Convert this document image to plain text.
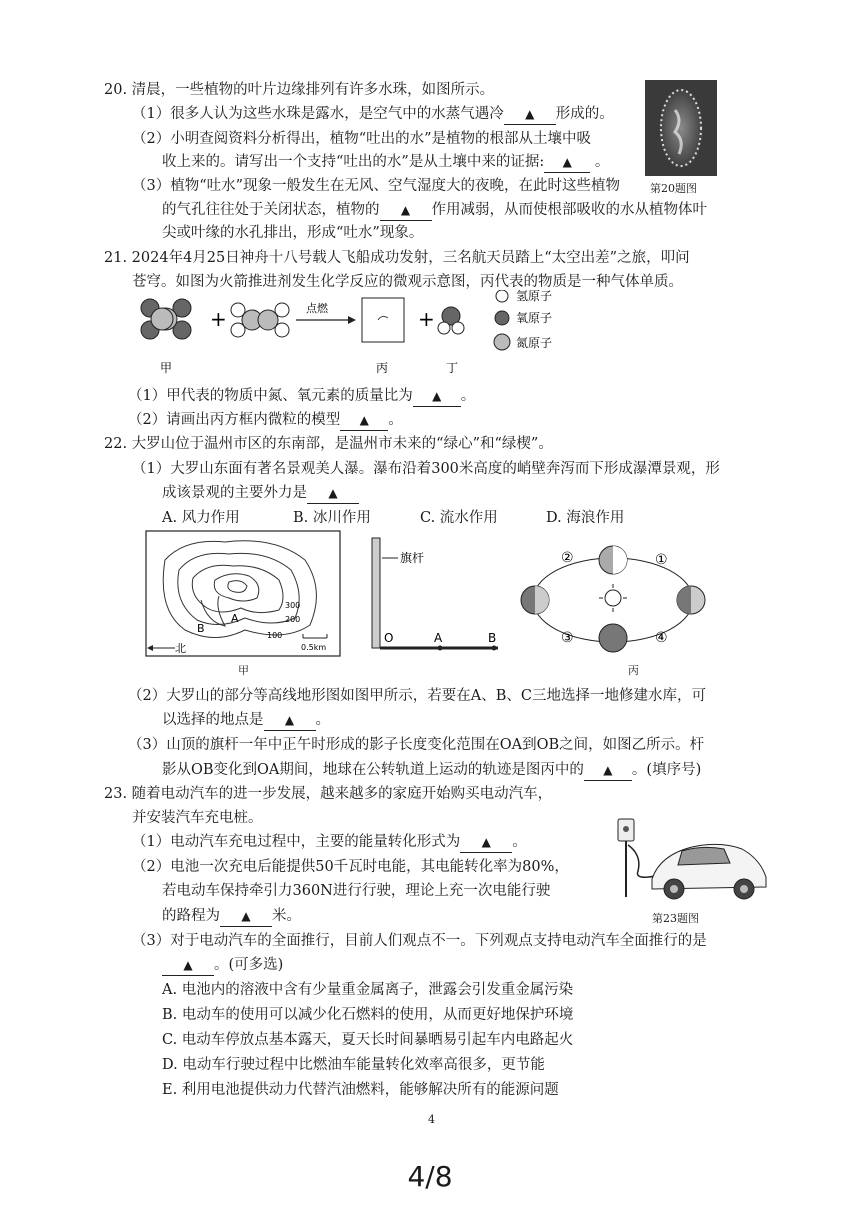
20. 清晨，一些植物的叶片边缘排列有许多水珠，如图所示。
（1）很多人认为这些水珠是露水，是空气中的水蒸气遇冷 ▲ 形成的。
（2）小明查阅资料分析得出，植物“吐出的水”是植物的根部从土壤中吸
收上来的。请写出一个支持“吐出的水”是从土壤中来的证据: ▲ 。
（3）植物“吐水”现象一般发生在无风、空气湿度大的夜晚，在此时这些植物
的气孔往往处于关闭状态，植物的 ▲ 作用减弱，从而使根部吸收的水从植物体叶
尖或叶缘的水孔排出，形成“吐水”现象。
第20题图
21. 2024年4月25日神舟十八号载人飞船成功发射，三名航天员踏上“太空出差”之旅，叩问
苍穹。如图为火箭推进剂发生化学反应的微观示意图，丙代表的物质是一种气体单质。
+	点燃	+
甲	丙	丁
氢原子
氧原子
氮原子
（1）甲代表的物质中氮、氧元素的质量比为 ▲ 。
（2）请画出丙方框内微粒的模型 ▲ 。
22. 大罗山位于温州市区的东南部，是温州市未来的“绿心”和“绿楔”。
（1）大罗山东面有著名景观美人瀑。瀑布沿着300米高度的峭壁奔泻而下形成瀑潭景观，形
成该景观的主要外力是 ▲
A. 风力作用	B. 冰川作用	C. 流水作用	D. 海浪作用
B
A
300
200
100
北	0.5km
甲
旗杆
O	A	B
②	①
③	④
丙
（2）大罗山的部分等高线地形图如图甲所示，若要在A、B、C三地选择一地修建水库，可
以选择的地点是 ▲ 。
（3）山顶的旗杆一年中正午时形成的影子长度变化范围在OA到OB之间，如图乙所示。杆
影从OB变化到OA期间，地球在公转轨道上运动的轨迹是图丙中的 ▲ 。(填序号)
23. 随着电动汽车的进一步发展，越来越多的家庭开始购买电动汽车，
并安装汽车充电桩。
（1）电动汽车充电过程中，主要的能量转化形式为 ▲ 。
（2）电池一次充电后能提供50千瓦时电能，其电能转化率为80%，
若电动车保持牵引力360N进行行驶，理论上充一次电能行驶
的路程为 ▲ 米。
（3）对于电动汽车的全面推行，目前人们观点不一。下列观点支持电动汽车全面推行的是
▲ 。(可多选)
A. 电池内的溶液中含有少量重金属离子，泄露会引发重金属污染
B. 电动车的使用可以减少化石燃料的使用，从而更好地保护环境
C. 电动车停放点基本露天，夏天长时间暴晒易引起车内电路起火
D. 电动车行驶过程中比燃油车能量转化效率高很多，更节能
E. 利用电池提供动力代替汽油燃料，能够解决所有的能源问题
第23题图
4
4/8
